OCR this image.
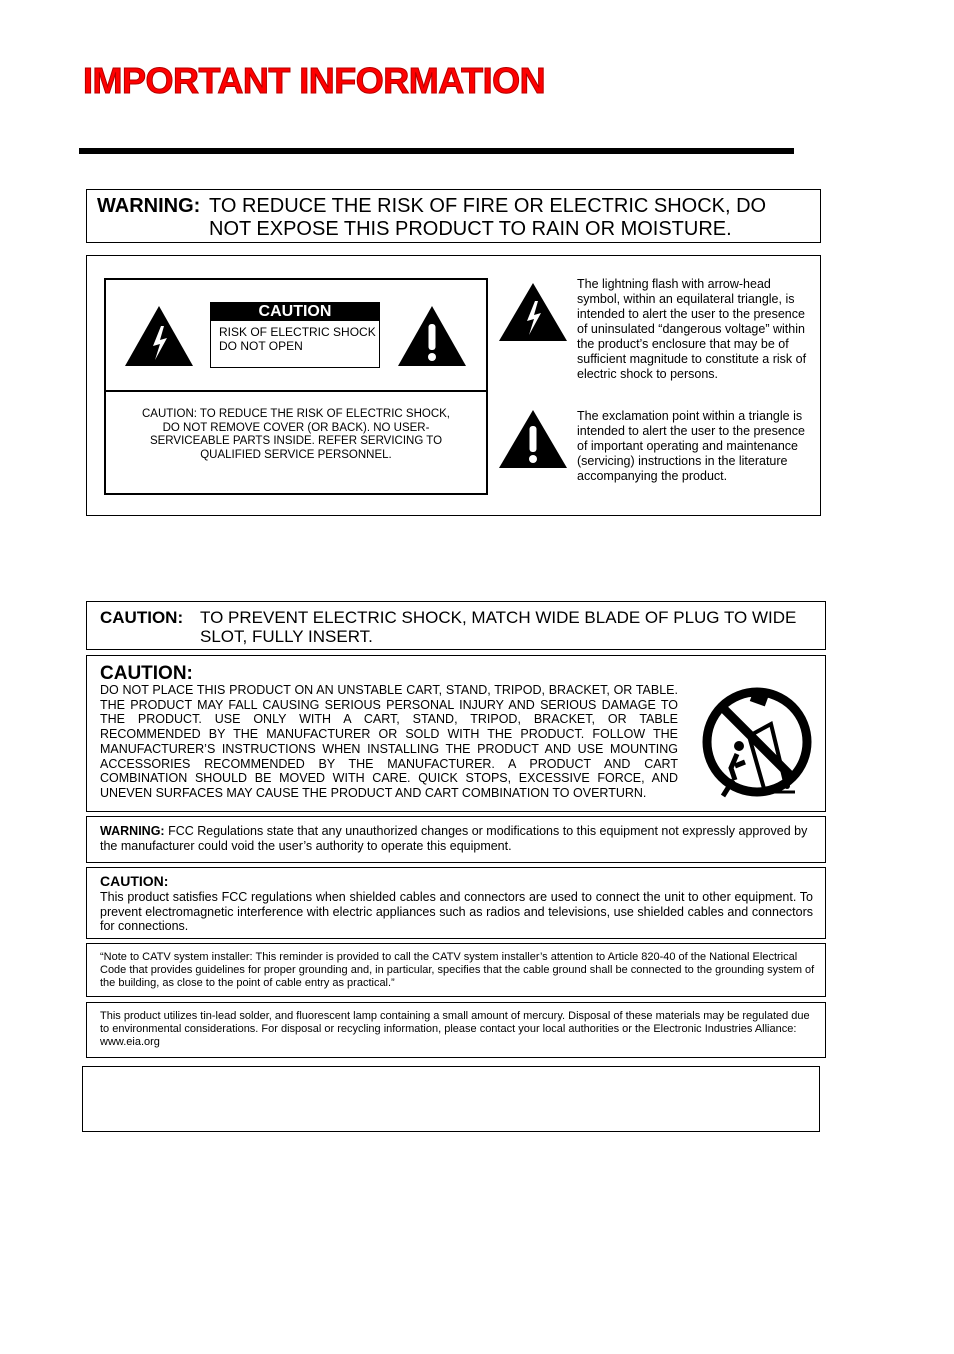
IMPORTANT INFORMATION
WARNING: TO REDUCE THE RISK OF FIRE OR ELECTRIC SHOCK, DO NOT EXPOSE THIS PRODUCT TO RAIN OR MOISTURE.
CAUTION
RISK OF ELECTRIC SHOCK
DO NOT OPEN
CAUTION: TO REDUCE THE RISK OF ELECTRIC SHOCK, DO NOT REMOVE COVER (OR BACK). NO USER-SERVICEABLE PARTS INSIDE. REFER SERVICING TO QUALIFIED SERVICE PERSONNEL.
The lightning flash with arrow-head symbol, within an equilateral triangle, is intended to alert the user to the presence of uninsulated “dangerous voltage” within the product’s enclosure that may be of sufficient magnitude to constitute a risk of electric shock to persons.
The exclamation point within a triangle is intended to alert the user to the presence of important operating and maintenance (servicing) instructions in the literature accompanying the product.
CAUTION: TO PREVENT ELECTRIC SHOCK, MATCH WIDE BLADE OF PLUG TO WIDE SLOT, FULLY INSERT.
CAUTION:
DO NOT PLACE THIS PRODUCT ON AN UNSTABLE CART, STAND, TRIPOD, BRACKET, OR TABLE. THE PRODUCT MAY FALL CAUSING SERIOUS PERSONAL INJURY AND SERIOUS DAMAGE TO THE PRODUCT. USE ONLY WITH A CART, STAND, TRIPOD, BRACKET, OR TABLE RECOMMENDED BY THE MANUFACTURER OR SOLD WITH THE PRODUCT. FOLLOW THE MANUFACTURER’S INSTRUCTIONS WHEN INSTALLING THE PRODUCT AND USE MOUNTING ACCESSORIES RECOMMENDED BY THE MANUFACTURER. A PRODUCT AND CART COMBINATION SHOULD BE MOVED WITH CARE. QUICK STOPS, EXCESSIVE FORCE, AND UNEVEN SURFACES MAY CAUSE THE PRODUCT AND CART COMBINATION TO OVERTURN.
WARNING: FCC Regulations state that any unauthorized changes or modifications to this equipment not expressly approved by the manufacturer could void the user’s authority to operate this equipment.
CAUTION:
This product satisfies FCC regulations when shielded cables and connectors are used to connect the unit to other equipment. To prevent electromagnetic interference with electric appliances such as radios and televisions, use shielded cables and connectors for connections.
“Note to CATV system installer: This reminder is provided to call the CATV system installer’s attention to Article 820-40 of the National Electrical Code that provides guidelines for proper grounding and, in particular, specifies that the cable ground shall be connected to the grounding system of the building, as close to the point of cable entry as practical.”
This product utilizes tin-lead solder, and fluorescent lamp containing a small amount of mercury. Disposal of these materials may be regulated due to environmental considerations. For disposal or recycling information, please contact your local authorities or the Electronic Industries Alliance: www.eia.org
